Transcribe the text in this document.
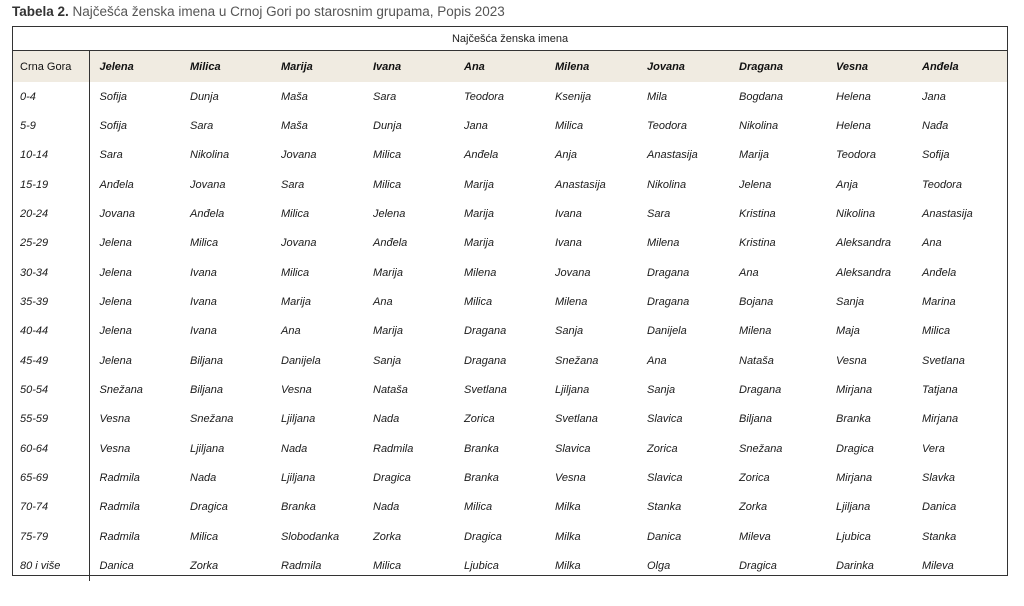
Tabela 2. Najčešća ženska imena u Crnoj Gori po starosnim grupama, Popis 2023
	Najčešća ženska imena
Crna Gora	Jelena	Milica	Marija	Ivana	Ana	Milena	Jovana	Dragana	Vesna	Anđela
0-4	Sofija	Dunja	Maša	Sara	Teodora	Ksenija	Mila	Bogdana	Helena	Jana
5-9	Sofija	Sara	Maša	Dunja	Jana	Milica	Teodora	Nikolina	Helena	Nađa
10-14	Sara	Nikolina	Jovana	Milica	Anđela	Anja	Anastasija	Marija	Teodora	Sofija
15-19	Anđela	Jovana	Sara	Milica	Marija	Anastasija	Nikolina	Jelena	Anja	Teodora
20-24	Jovana	Anđela	Milica	Jelena	Marija	Ivana	Sara	Kristina	Nikolina	Anastasija
25-29	Jelena	Milica	Jovana	Anđela	Marija	Ivana	Milena	Kristina	Aleksandra	Ana
30-34	Jelena	Ivana	Milica	Marija	Milena	Jovana	Dragana	Ana	Aleksandra	Anđela
35-39	Jelena	Ivana	Marija	Ana	Milica	Milena	Dragana	Bojana	Sanja	Marina
40-44	Jelena	Ivana	Ana	Marija	Dragana	Sanja	Danijela	Milena	Maja	Milica
45-49	Jelena	Biljana	Danijela	Sanja	Dragana	Snežana	Ana	Nataša	Vesna	Svetlana
50-54	Snežana	Biljana	Vesna	Nataša	Svetlana	Ljiljana	Sanja	Dragana	Mirjana	Tatjana
55-59	Vesna	Snežana	Ljiljana	Nada	Zorica	Svetlana	Slavica	Biljana	Branka	Mirjana
60-64	Vesna	Ljiljana	Nada	Radmila	Branka	Slavica	Zorica	Snežana	Dragica	Vera
65-69	Radmila	Nada	Ljiljana	Dragica	Branka	Vesna	Slavica	Zorica	Mirjana	Slavka
70-74	Radmila	Dragica	Branka	Nada	Milica	Milka	Stanka	Zorka	Ljiljana	Danica
75-79	Radmila	Milica	Slobodanka	Zorka	Dragica	Milka	Danica	Mileva	Ljubica	Stanka
80 i više	Danica	Zorka	Radmila	Milica	Ljubica	Milka	Olga	Dragica	Darinka	Mileva
